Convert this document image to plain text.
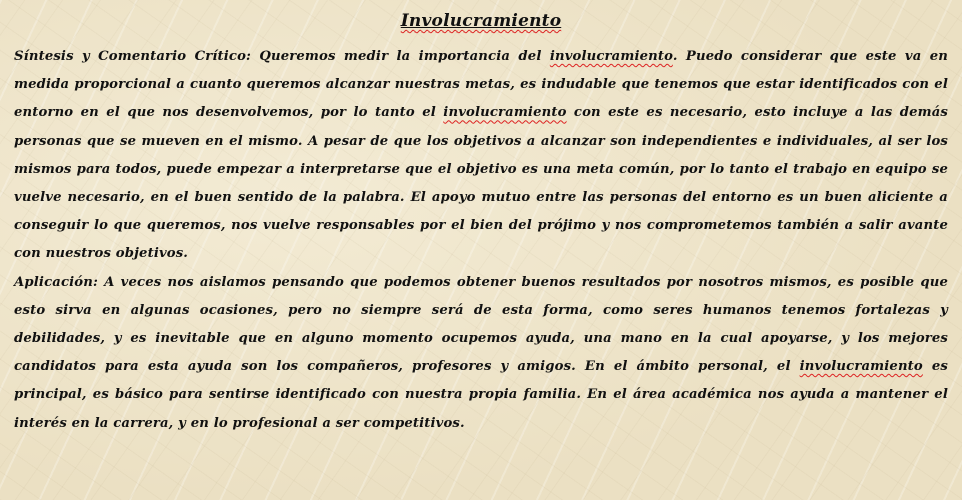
Involucramiento

Síntesis y Comentario Crítico: Queremos medir la importancia del involucramiento. Puedo considerar que este va en medida proporcional a cuanto queremos alcanzar nuestras metas, es indudable que tenemos que estar identificados con el entorno en el que nos desenvolvemos, por lo tanto el involucramiento con este es necesario, esto incluye a las demás personas que se mueven en el mismo. A pesar de que los objetivos a alcanzar son independientes e individuales, al ser los mismos para todos, puede empezar a interpretarse que el objetivo es una meta común, por lo tanto el trabajo en equipo se vuelve necesario, en el buen sentido de la palabra. El apoyo mutuo entre las personas del entorno es un buen aliciente a conseguir lo que queremos, nos vuelve responsables por el bien del prójimo y nos comprometemos también a salir avante con nuestros objetivos.

Aplicación: A veces nos aislamos pensando que podemos obtener buenos resultados por nosotros mismos, es posible que esto sirva en algunas ocasiones, pero no siempre será de esta forma, como seres humanos tenemos fortalezas y debilidades, y es inevitable que en alguno momento ocupemos ayuda, una mano en la cual apoyarse, y los mejores candidatos para esta ayuda son los compañeros, profesores y amigos. En el ámbito personal, el involucramiento es principal, es básico para sentirse identificado con nuestra propia familia. En el área académica nos ayuda a mantener el interés en la carrera, y en lo profesional a ser competitivos.
